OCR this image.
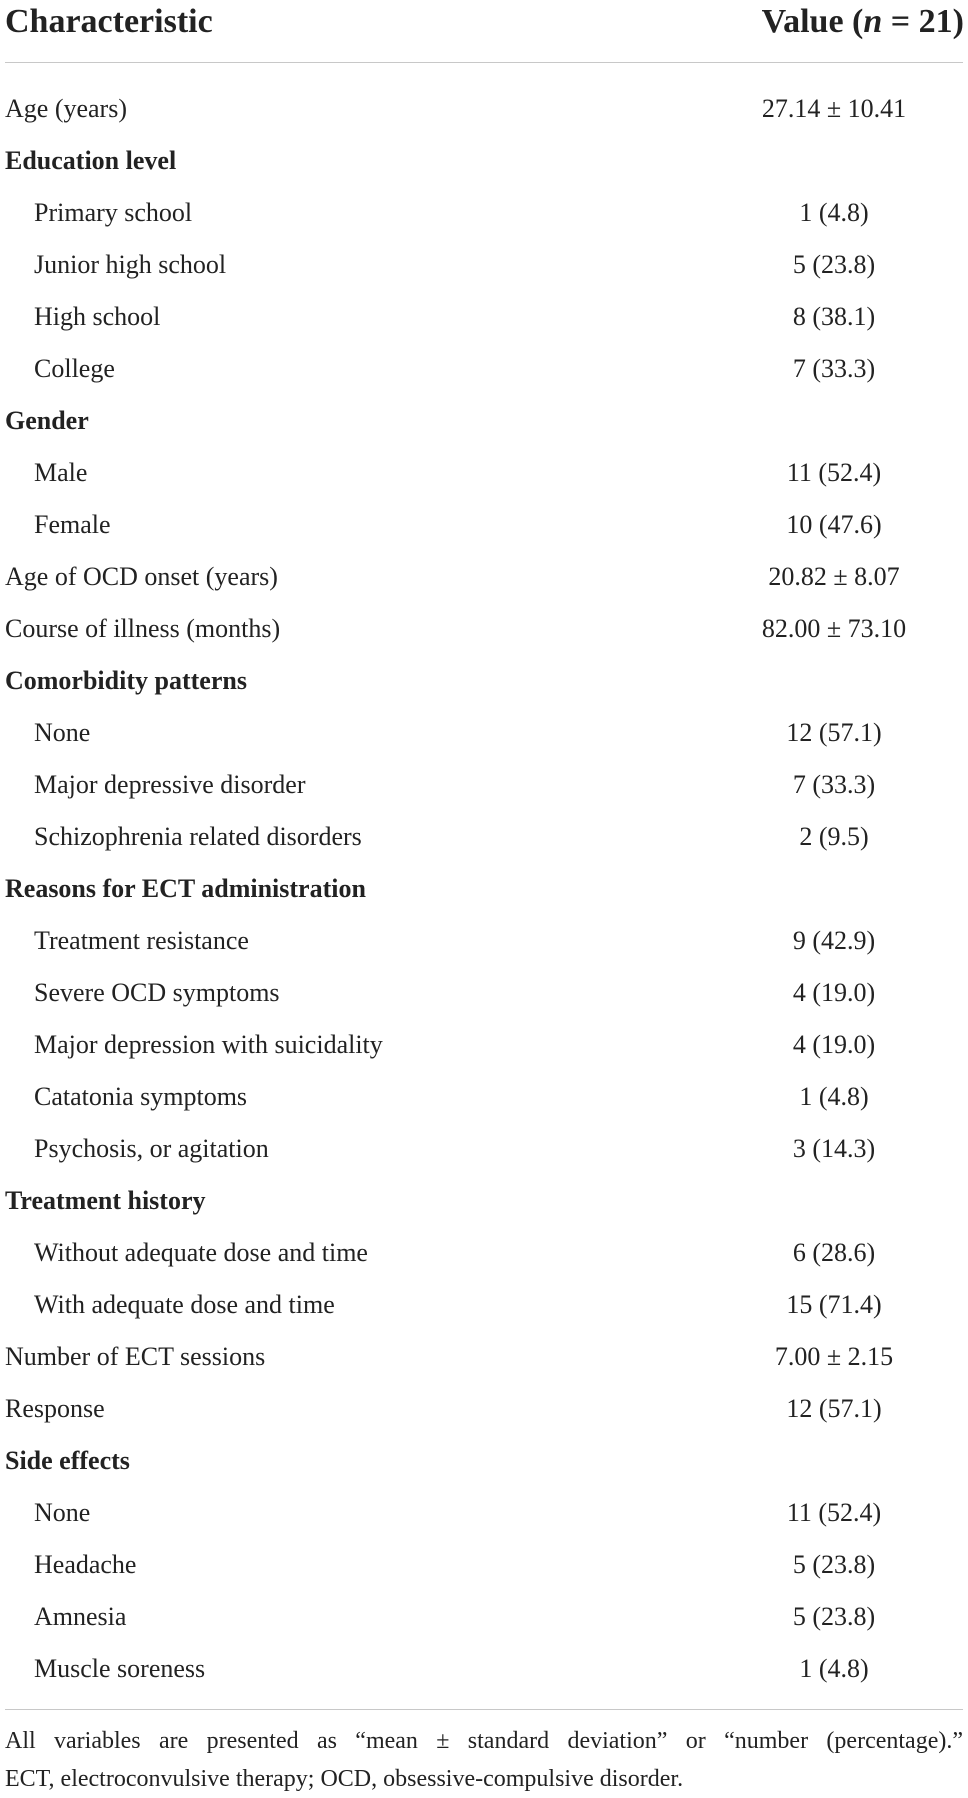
Characteristic	Value (n = 21)
Age (years)	27.14 ± 10.41
Education level
Primary school	1 (4.8)
Junior high school	5 (23.8)
High school	8 (38.1)
College	7 (33.3)
Gender
Male	11 (52.4)
Female	10 (47.6)
Age of OCD onset (years)	20.82 ± 8.07
Course of illness (months)	82.00 ± 73.10
Comorbidity patterns
None	12 (57.1)
Major depressive disorder	7 (33.3)
Schizophrenia related disorders	2 (9.5)
Reasons for ECT administration
Treatment resistance	9 (42.9)
Severe OCD symptoms	4 (19.0)
Major depression with suicidality	4 (19.0)
Catatonia symptoms	1 (4.8)
Psychosis, or agitation	3 (14.3)
Treatment history
Without adequate dose and time	6 (28.6)
With adequate dose and time	15 (71.4)
Number of ECT sessions	7.00 ± 2.15
Response	12 (57.1)
Side effects
None	11 (52.4)
Headache	5 (23.8)
Amnesia	5 (23.8)
Muscle soreness	1 (4.8)

All variables are presented as “mean ± standard deviation” or “number (percentage).”

ECT, electroconvulsive therapy; OCD, obsessive-compulsive disorder.
